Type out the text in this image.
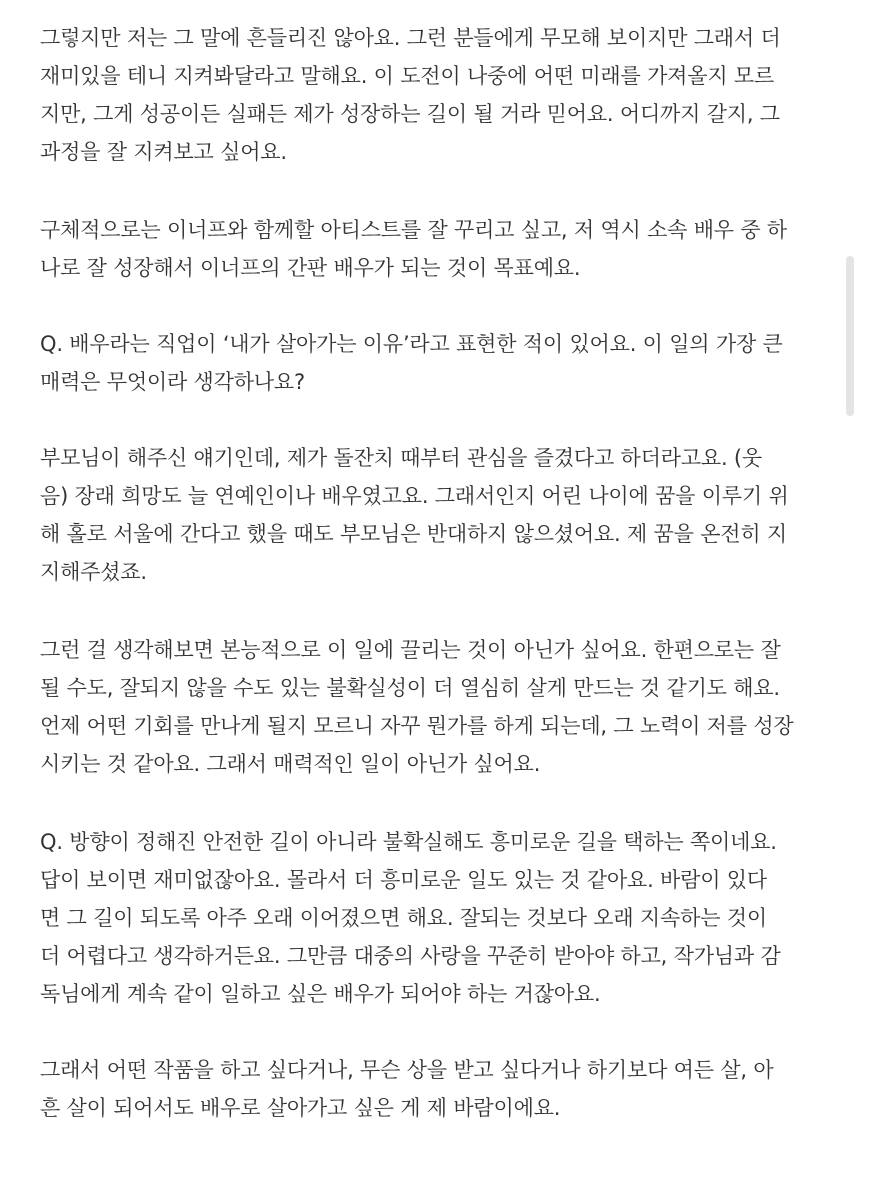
그렇지만 저는 그 말에 흔들리진 않아요. 그런 분들에게 무모해 보이지만 그래서 더
재미있을 테니 지켜봐달라고 말해요. 이 도전이 나중에 어떤 미래를 가져올지 모르
지만, 그게 성공이든 실패든 제가 성장하는 길이 될 거라 믿어요. 어디까지 갈지, 그
과정을 잘 지켜보고 싶어요.
구체적으로는 이너프와 함께할 아티스트를 잘 꾸리고 싶고, 저 역시 소속 배우 중 하
나로 잘 성장해서 이너프의 간판 배우가 되는 것이 목표예요.
Q. 배우라는 직업이 ‘내가 살아가는 이유’라고 표현한 적이 있어요. 이 일의 가장 큰
매력은 무엇이라 생각하나요?
부모님이 해주신 얘기인데, 제가 돌잔치 때부터 관심을 즐겼다고 하더라고요. (웃
음) 장래 희망도 늘 연예인이나 배우였고요. 그래서인지 어린 나이에 꿈을 이루기 위
해 홀로 서울에 간다고 했을 때도 부모님은 반대하지 않으셨어요. 제 꿈을 온전히 지
지해주셨죠.
그런 걸 생각해보면 본능적으로 이 일에 끌리는 것이 아닌가 싶어요. 한편으로는 잘
될 수도, 잘되지 않을 수도 있는 불확실성이 더 열심히 살게 만드는 것 같기도 해요.
언제 어떤 기회를 만나게 될지 모르니 자꾸 뭔가를 하게 되는데, 그 노력이 저를 성장
시키는 것 같아요. 그래서 매력적인 일이 아닌가 싶어요.
Q. 방향이 정해진 안전한 길이 아니라 불확실해도 흥미로운 길을 택하는 쪽이네요.
답이 보이면 재미없잖아요. 몰라서 더 흥미로운 일도 있는 것 같아요. 바람이 있다
면 그 길이 되도록 아주 오래 이어졌으면 해요. 잘되는 것보다 오래 지속하는 것이
더 어렵다고 생각하거든요. 그만큼 대중의 사랑을 꾸준히 받아야 하고, 작가님과 감
독님에게 계속 같이 일하고 싶은 배우가 되어야 하는 거잖아요.
그래서 어떤 작품을 하고 싶다거나, 무슨 상을 받고 싶다거나 하기보다 여든 살, 아
흔 살이 되어서도 배우로 살아가고 싶은 게 제 바람이에요.
